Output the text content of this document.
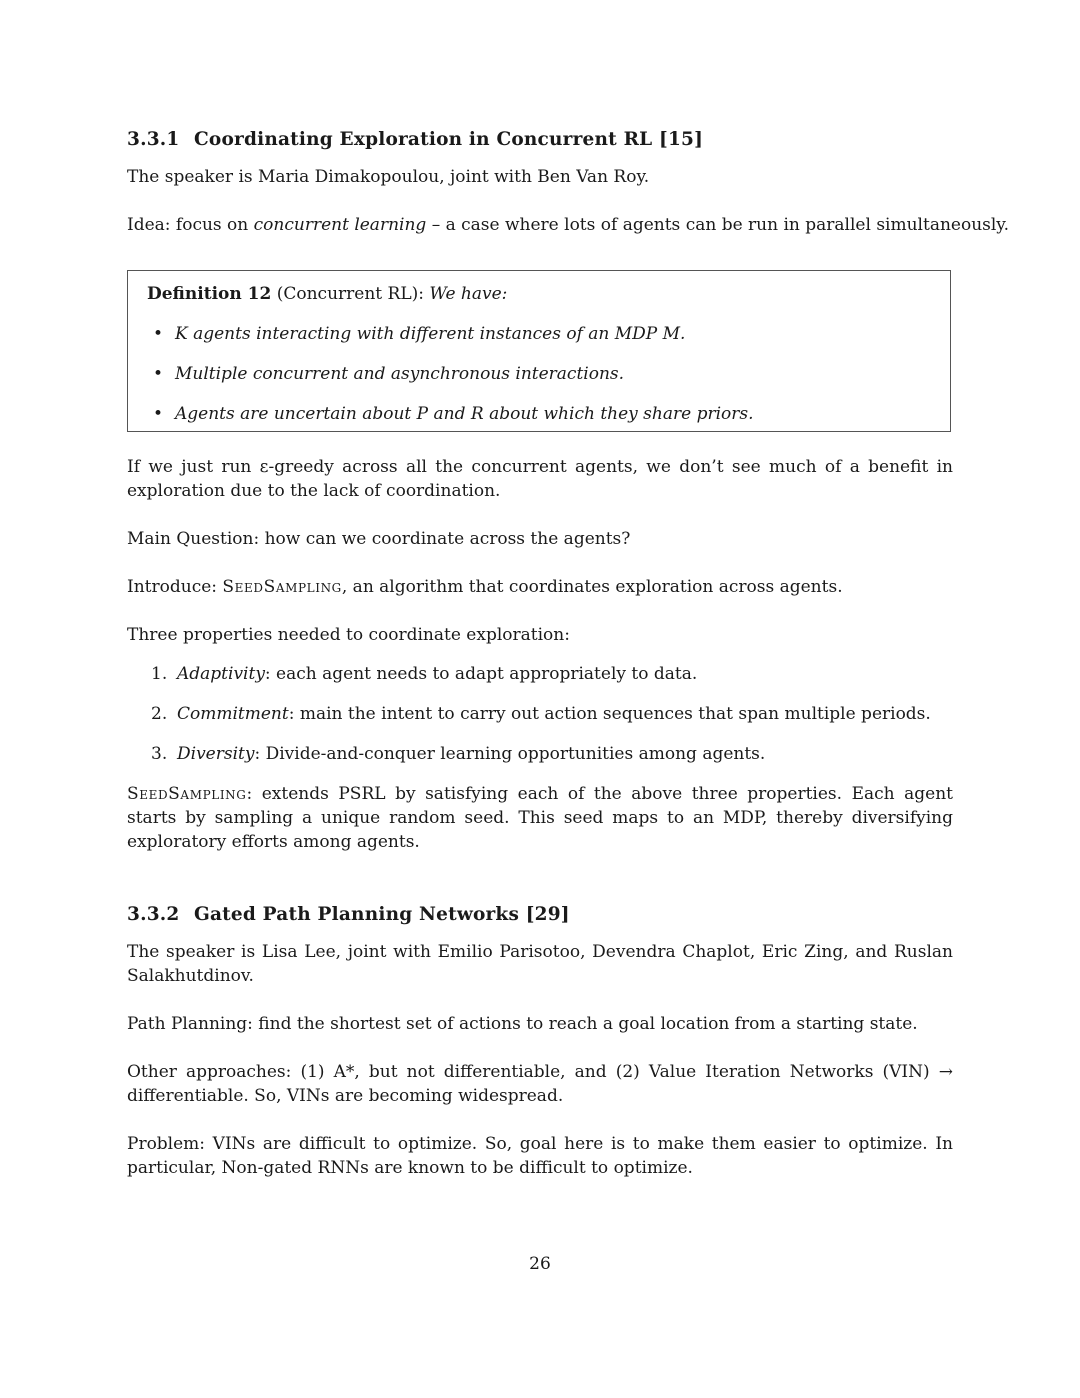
3.3.1 Coordinating Exploration in Concurrent RL [15]
The speaker is Maria Dimakopoulou, joint with Ben Van Roy.
Idea: focus on concurrent learning – a case where lots of agents can be run in parallel simultaneously.
Definition 12 (Concurrent RL): We have:
• K agents interacting with different instances of an MDP M.
• Multiple concurrent and asynchronous interactions.
• Agents are uncertain about P and R about which they share priors.
If we just run ε-greedy across all the concurrent agents, we don’t see much of a benefit in exploration due to the lack of coordination.
Main Question: how can we coordinate across the agents?
Introduce: SeedSampling, an algorithm that coordinates exploration across agents.
Three properties needed to coordinate exploration:
1. Adaptivity: each agent needs to adapt appropriately to data.
2. Commitment: main the intent to carry out action sequences that span multiple periods.
3. Diversity: Divide-and-conquer learning opportunities among agents.
SeedSampling: extends PSRL by satisfying each of the above three properties. Each agent starts by sampling a unique random seed. This seed maps to an MDP, thereby diversifying exploratory efforts among agents.
3.3.2 Gated Path Planning Networks [29]
The speaker is Lisa Lee, joint with Emilio Parisotoo, Devendra Chaplot, Eric Zing, and Ruslan Salakhutdinov.
Path Planning: find the shortest set of actions to reach a goal location from a starting state.
Other approaches: (1) A*, but not differentiable, and (2) Value Iteration Networks (VIN) → differentiable. So, VINs are becoming widespread.
Problem: VINs are difficult to optimize. So, goal here is to make them easier to optimize. In particular, Non-gated RNNs are known to be difficult to optimize.
26
